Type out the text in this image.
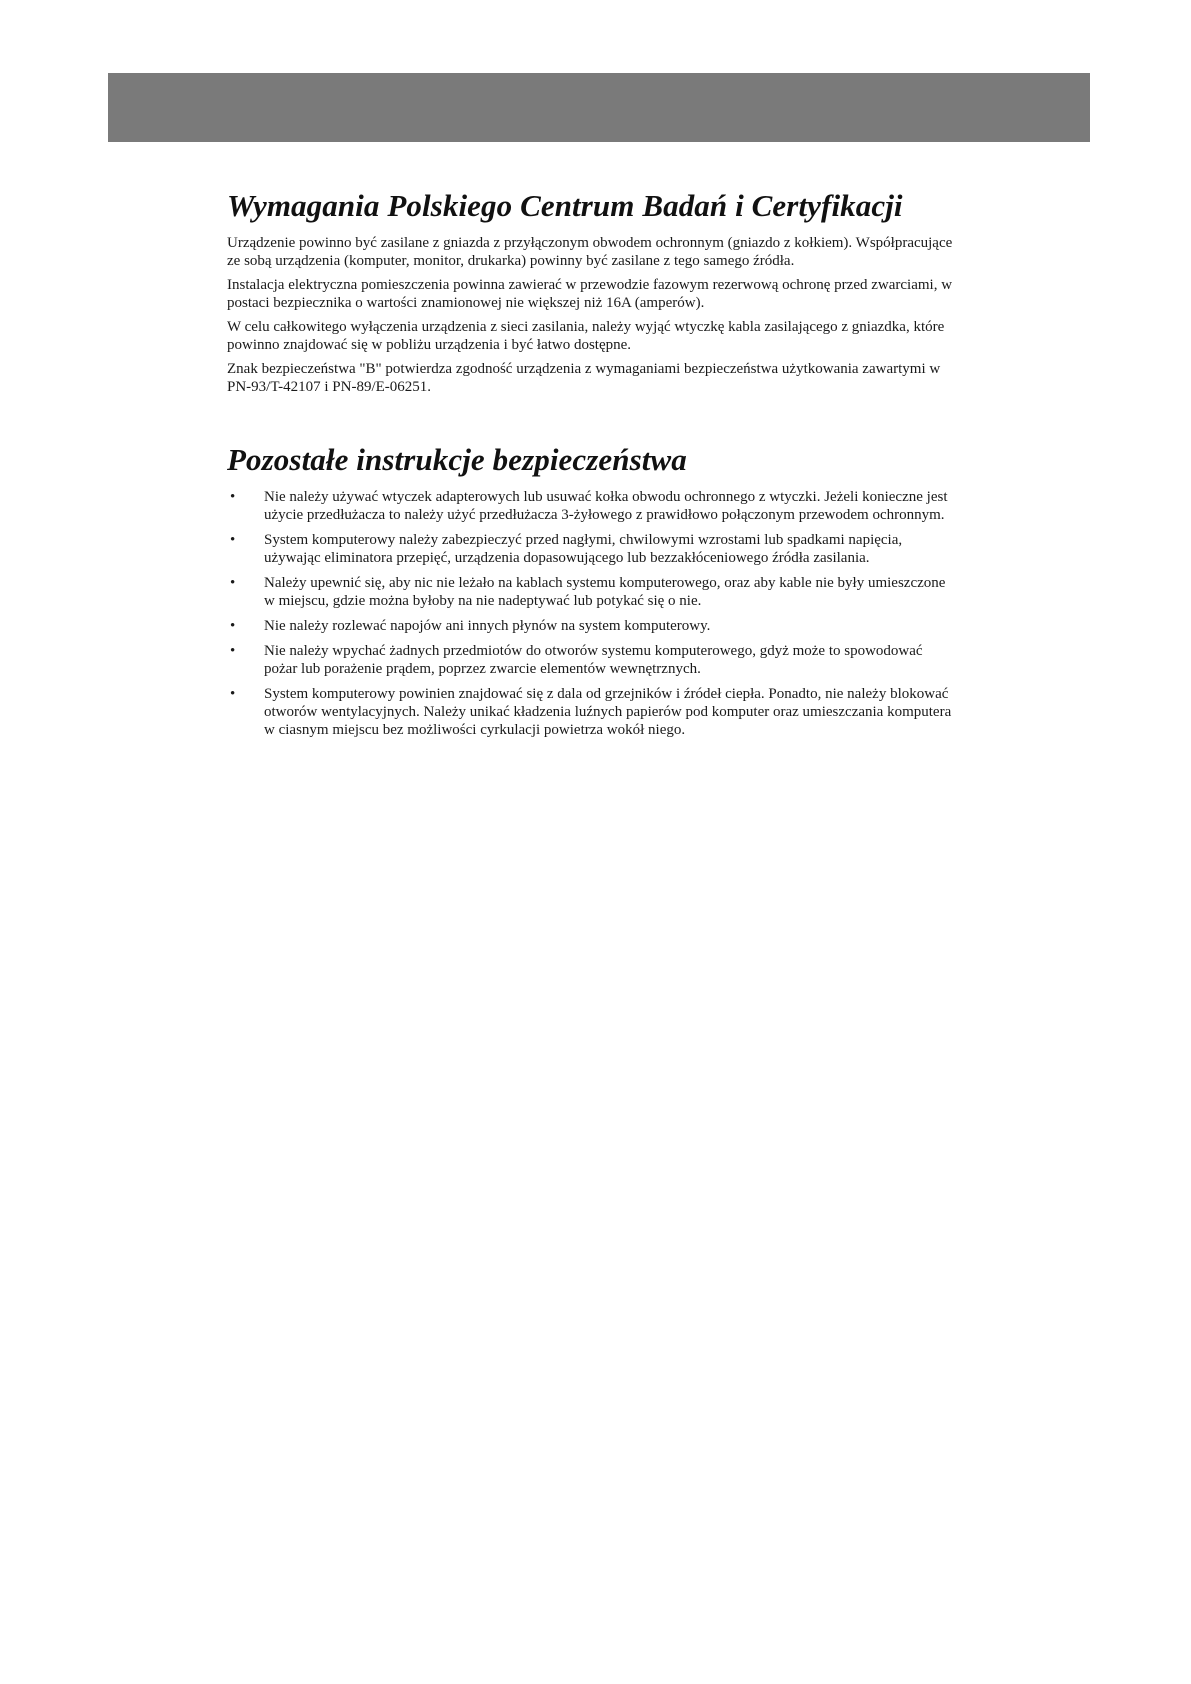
Wymagania Polskiego Centrum Badań i Certyfikacji

Urządzenie powinno być zasilane z gniazda z przyłączonym obwodem ochronnym (gniazdo z kołkiem). Współpracujące ze sobą urządzenia (komputer, monitor, drukarka) powinny być zasilane z tego samego źródła.

Instalacja elektryczna pomieszczenia powinna zawierać w przewodzie fazowym rezerwową ochronę przed zwarciami, w postaci bezpiecznika o wartości znamionowej nie większej niż 16A (amperów).

W celu całkowitego wyłączenia urządzenia z sieci zasilania, należy wyjąć wtyczkę kabla zasilającego z gniazdka, które powinno znajdować się w pobliżu urządzenia i być łatwo dostępne.

Znak bezpieczeństwa "B" potwierdza zgodność urządzenia z wymaganiami bezpieczeństwa użytkowania zawartymi w PN-93/T-42107 i PN-89/E-06251.

Pozostałe instrukcje bezpieczeństwa
• Nie należy używać wtyczek adapterowych lub usuwać kołka obwodu ochronnego z wtyczki. Jeżeli konieczne jest użycie przedłużacza to należy użyć przedłużacza 3-żyłowego z prawidłowo połączonym przewodem ochronnym.
• System komputerowy należy zabezpieczyć przed nagłymi, chwilowymi wzrostami lub spadkami napięcia, używając eliminatora przepięć, urządzenia dopasowującego lub bezzakłóceniowego źródła zasilania.
• Należy upewnić się, aby nic nie leżało na kablach systemu komputerowego, oraz aby kable nie były umieszczone w miejscu, gdzie można byłoby na nie nadeptywać lub potykać się o nie.
• Nie należy rozlewać napojów ani innych płynów na system komputerowy.
• Nie należy wpychać żadnych przedmiotów do otworów systemu komputerowego, gdyż może to spowodować pożar lub porażenie prądem, poprzez zwarcie elementów wewnętrznych.
• System komputerowy powinien znajdować się z dala od grzejników i źródeł ciepła. Ponadto, nie należy blokować otworów wentylacyjnych. Należy unikać kładzenia luźnych papierów pod komputer oraz umieszczania komputera w ciasnym miejscu bez możliwości cyrkulacji powietrza wokół niego.
